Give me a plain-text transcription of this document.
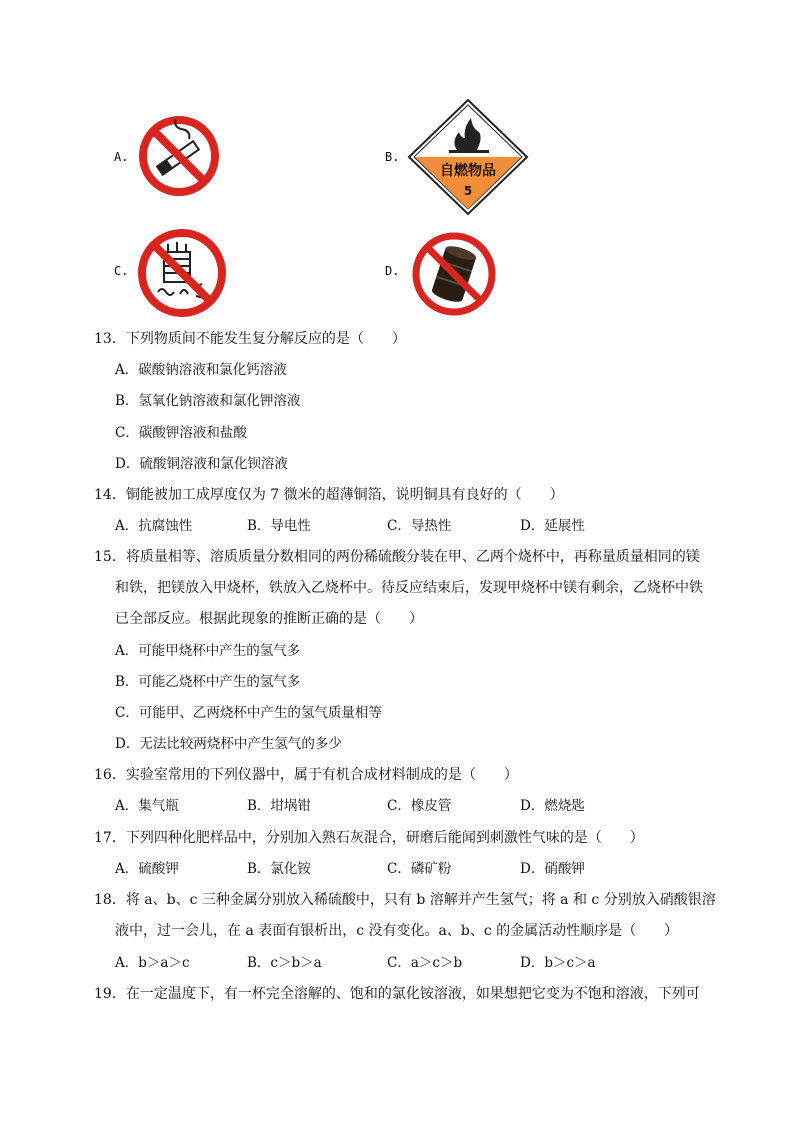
A.	B.
C.	D.
自燃物品
5
13．下列物质间不能发生复分解反应的是（　　）
A．碳酸钠溶液和氯化钙溶液
B．氢氧化钠溶液和氯化钾溶液
C．碳酸钾溶液和盐酸
D．硫酸铜溶液和氯化钡溶液
14．铜能被加工成厚度仅为 7 微米的超薄铜箔，说明铜具有良好的（　　）
A．抗腐蚀性	B．导电性	C．导热性	D．延展性
15．将质量相等、溶质质量分数相同的两份稀硫酸分装在甲、乙两个烧杯中，再称量质量相同的镁
和铁，把镁放入甲烧杯，铁放入乙烧杯中。待反应结束后，发现甲烧杯中镁有剩余，乙烧杯中铁
已全部反应。根据此现象的推断正确的是（　　）
A．可能甲烧杯中产生的氢气多
B．可能乙烧杯中产生的氢气多
C．可能甲、乙两烧杯中产生的氢气质量相等
D．无法比较两烧杯中产生氢气的多少
16．实验室常用的下列仪器中，属于有机合成材料制成的是（　　）
A．集气瓶	B．坩埚钳	C．橡皮管	D．燃烧匙
17．下列四种化肥样品中，分别加入熟石灰混合，研磨后能闻到刺激性气味的是（　　）
A．硫酸钾	B．氯化铵	C．磷矿粉	D．硝酸钾
18．将 a、b、c 三种金属分别放入稀硫酸中，只有 b 溶解并产生氢气；将 a 和 c 分别放入硝酸银溶
液中，过一会儿，在 a 表面有银析出，c 没有变化。a、b、c 的金属活动性顺序是（　　）
A．b＞a＞c	B．c＞b＞a	C．a＞c＞b	D．b＞c＞a
19．在一定温度下，有一杯完全溶解的、饱和的氯化铵溶液，如果想把它变为不饱和溶液，下列可
